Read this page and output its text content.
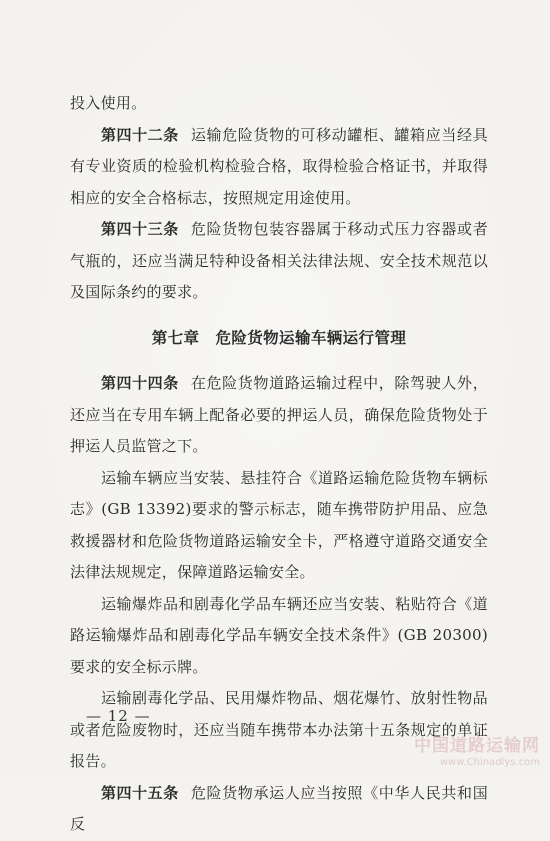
投入使用。

第四十二条 运输危险货物的可移动罐柜、罐箱应当经具有专业资质的检验机构检验合格，取得检验合格证书，并取得相应的安全合格标志，按照规定用途使用。

第四十三条 危险货物包装容器属于移动式压力容器或者气瓶的，还应当满足特种设备相关法律法规、安全技术规范以及国际条约的要求。

第七章 危险货物运输车辆运行管理

第四十四条 在危险货物道路运输过程中，除驾驶人外，还应当在专用车辆上配备必要的押运人员，确保危险货物处于押运人员监管之下。

运输车辆应当安装、悬挂符合《道路运输危险货物车辆标志》(GB 13392)要求的警示标志，随车携带防护用品、应急救援器材和危险货物道路运输安全卡，严格遵守道路交通安全法律法规规定，保障道路运输安全。

运输爆炸品和剧毒化学品车辆还应当安装、粘贴符合《道路运输爆炸品和剧毒化学品车辆安全技术条件》(GB 20300)要求的安全标示牌。

运输剧毒化学品、民用爆炸物品、烟花爆竹、放射性物品或者危险废物时，还应当随车携带本办法第十五条规定的单证报告。

第四十五条 危险货物承运人应当按照《中华人民共和国反

— 12 —
中国道路运输网
www.Chinadlys.com
